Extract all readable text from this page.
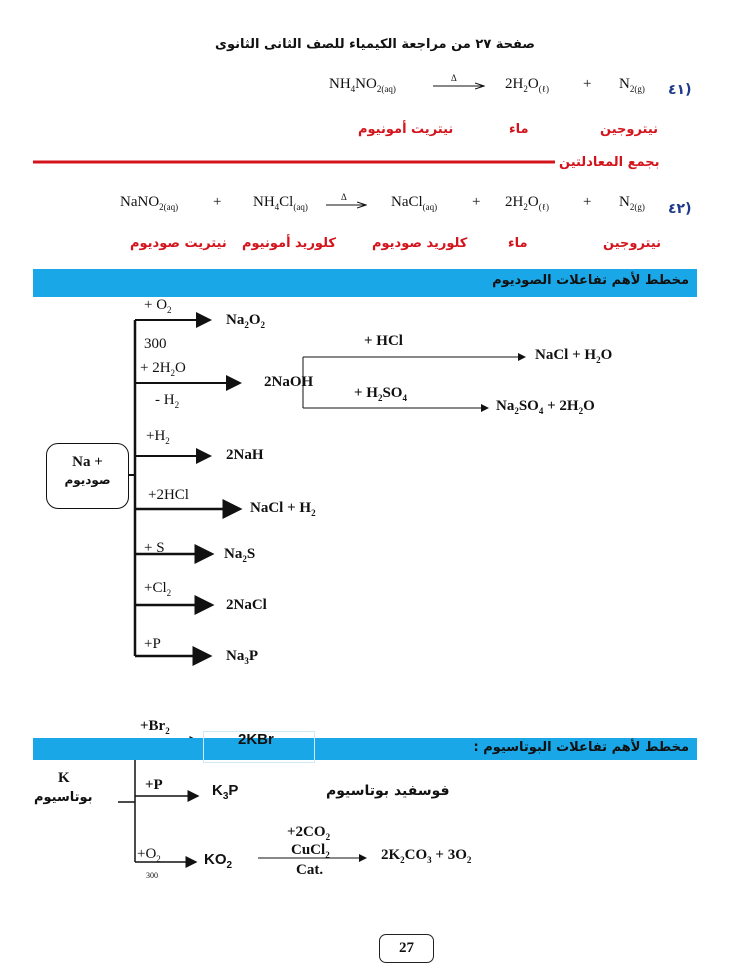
صفحة ٢٧ من مراجعة الكيمياء للصف الثانى الثانوى
٤١)
$NH_4NO_{2(aq)}$
Δ	$2H_2O_{(\ell)} + N_{2(g)}$
نيتروجين
ماء
نيتريت أمونيوم
بجمع المعادلتين
٤٢)
NaNO$_{2(aq)}$ + $NH_4Cl_{(aq)}$
Δ	NaCl$_{(aq)}$ + $2H_2O_{(\ell)} + N_{2(g)}$
نيتروجين
ماء
كلوريد صوديوم
كلوريد أمونيوم
نيتريت صوديوم
مخطط لأهم تفاعلات الصوديوم
Na +
صوديوم
+ $O_2$
$Na_2O_2$
300
+ $2H_2O$
- $H_2$
2NaOH
+ HCl
NaCl + $H_2O$
+ $H_2SO_4$	$Na_2SO_4 + 2H_2O$
$+H_2$
2NaH
+2HCl
NaCl + $H_2$
+ S	$Na_2S$
$+Cl_2$
2NaCl
+P
$Na_3P$
مخطط لأهم تفاعلات البوتاسيوم :
2KBr
$+Br_2$
K
بوتاسيوم
+P	$K_3P$	فوسفيد بوتاسيوم
$+O_2$
300
$KO_2$
$+2CO_2$
CuCl$_2$
Cat.
$2K_2CO_3 + 3O_2$
27
